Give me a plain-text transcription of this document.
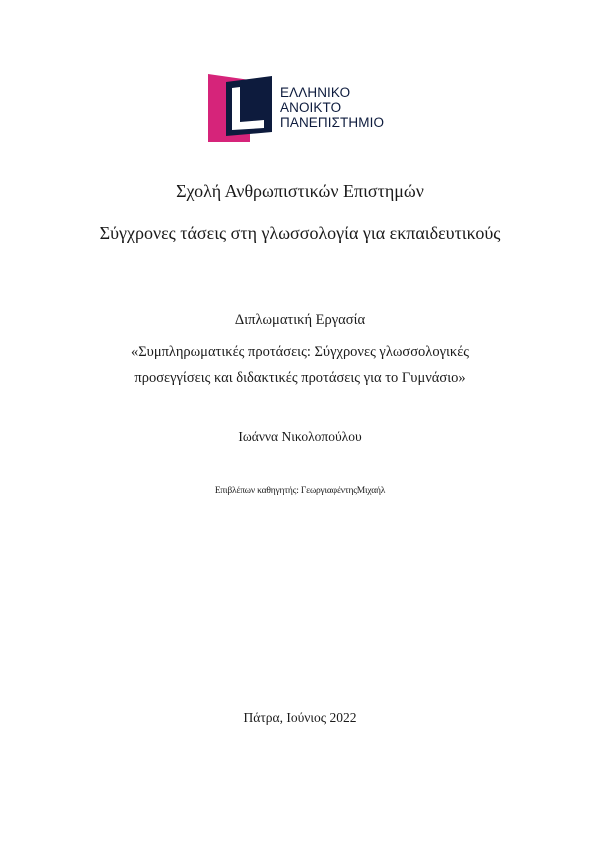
ΕΛΛΗΝΙΚΟ
ΑΝΟΙΚΤΟ
ΠΑΝΕΠΙΣΤΗΜΙΟ
Σχολή Ανθρωπιστικών Επιστημών
Σύγχρονες τάσεις στη γλωσσολογία για εκπαιδευτικούς
Διπλωματική Εργασία
«Συμπληρωματικές προτάσεις: Σύγχρονες γλωσσολογικές
προσεγγίσεις και διδακτικές προτάσεις για το Γυμνάσιο»
Ιωάννα Νικολοπούλου
Επιβλέπων καθηγητής: ΓεωργιαφέντηςΜιχαήλ
Πάτρα, Ιούνιος 2022
